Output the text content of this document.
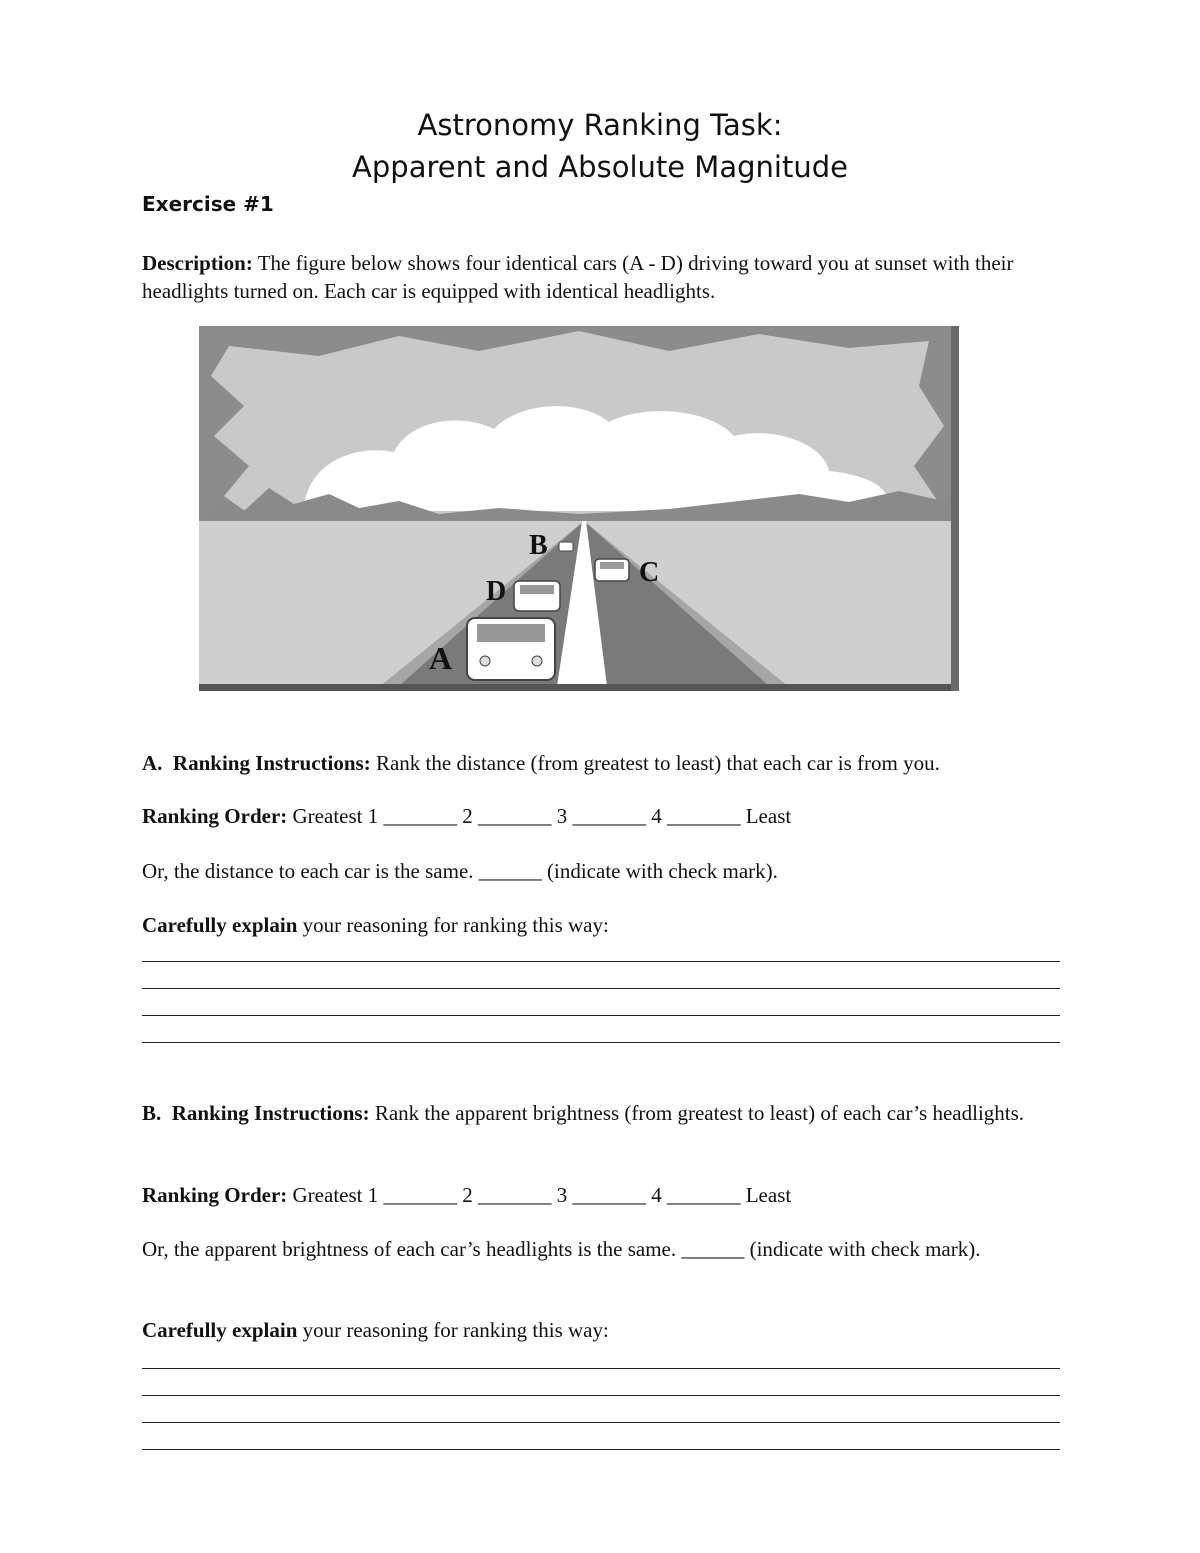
Astronomy Ranking Task:
Apparent and Absolute Magnitude
Exercise #1
Description: The figure below shows four identical cars (A - D) driving toward you at sunset with their headlights turned on. Each car is equipped with identical headlights.
B
C
D
A
A. Ranking Instructions: Rank the distance (from greatest to least) that each car is from you.
Ranking Order: Greatest 1 _______ 2 _______ 3 _______ 4 _______ Least
Or, the distance to each car is the same. ______ (indicate with check mark).
Carefully explain your reasoning for ranking this way:
B. Ranking Instructions: Rank the apparent brightness (from greatest to least) of each car’s headlights.
Ranking Order: Greatest 1 _______ 2 _______ 3 _______ 4 _______ Least
Or, the apparent brightness of each car’s headlights is the same. ______ (indicate with check mark).
Carefully explain your reasoning for ranking this way:
